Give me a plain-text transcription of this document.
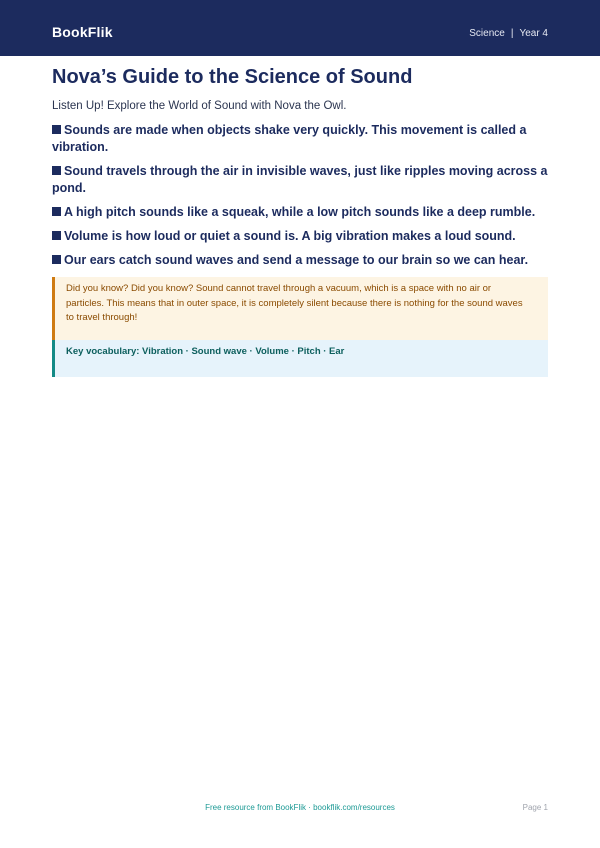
BookFlik	Science | Year 4
Nova’s Guide to the Science of Sound
Listen Up! Explore the World of Sound with Nova the Owl.
Sounds are made when objects shake very quickly. This movement is called a vibration.
Sound travels through the air in invisible waves, just like ripples moving across a pond.
A high pitch sounds like a squeak, while a low pitch sounds like a deep rumble.
Volume is how loud or quiet a sound is. A big vibration makes a loud sound.
Our ears catch sound waves and send a message to our brain so we can hear.
Did you know? Did you know? Sound cannot travel through a vacuum, which is a space with no air or particles. This means that in outer space, it is completely silent because there is nothing for the sound waves to travel through!
Key vocabulary: Vibration · Sound wave · Volume · Pitch · Ear
Free resource from BookFlik · bookflik.com/resources	Page 1
